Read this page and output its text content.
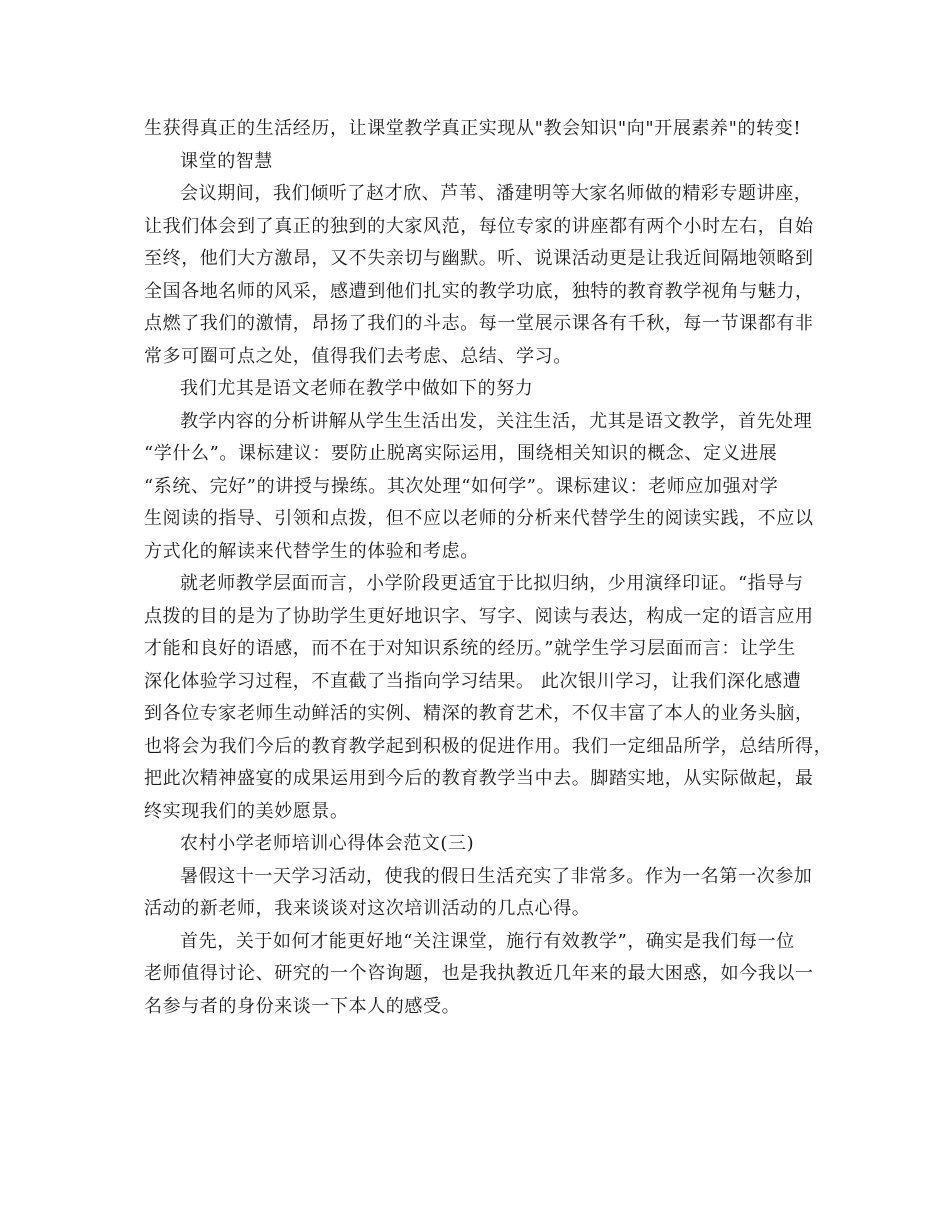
生获得真正的生活经历，让课堂教学真正实现从"教会知识"向"开展素养"的转变!
课堂的智慧
会议期间，我们倾听了赵才欣、芦苇、潘建明等大家名师做的精彩专题讲座，
让我们体会到了真正的独到的大家风范，每位专家的讲座都有两个小时左右，自始
至终，他们大方激昂，又不失亲切与幽默。听、说课活动更是让我近间隔地领略到
全国各地名师的风采，感遭到他们扎实的教学功底，独特的教育教学视角与魅力，
点燃了我们的激情，昂扬了我们的斗志。每一堂展示课各有千秋，每一节课都有非
常多可圈可点之处，值得我们去考虑、总结、学习。
我们尤其是语文老师在教学中做如下的努力
教学内容的分析讲解从学生生活出发，关注生活，尤其是语文教学，首先处理
“学什么”。课标建议：要防止脱离实际运用，围绕相关知识的概念、定义进展
“系统、完好”的讲授与操练。其次处理“如何学”。课标建议：老师应加强对学
生阅读的指导、引领和点拨，但不应以老师的分析来代替学生的阅读实践，不应以
方式化的解读来代替学生的体验和考虑。
就老师教学层面而言，小学阶段更适宜于比拟归纳，少用演绎印证。“指导与
点拨的目的是为了协助学生更好地识字、写字、阅读与表达，构成一定的语言应用
才能和良好的语感，而不在于对知识系统的经历。”就学生学习层面而言：让学生
深化体验学习过程，不直截了当指向学习结果。 此次银川学习，让我们深化感遭
到各位专家老师生动鲜活的实例、精深的教育艺术，不仅丰富了本人的业务头脑，
也将会为我们今后的教育教学起到积极的促进作用。我们一定细品所学，总结所得，
把此次精神盛宴的成果运用到今后的教育教学当中去。脚踏实地，从实际做起，最
终实现我们的美妙愿景。
农村小学老师培训心得体会范文(三)
暑假这十一天学习活动，使我的假日生活充实了非常多。作为一名第一次参加
活动的新老师，我来谈谈对这次培训活动的几点心得。
首先，关于如何才能更好地“关注课堂，施行有效教学”，确实是我们每一位
老师值得讨论、研究的一个咨询题，也是我执教近几年来的最大困惑，如今我以一
名参与者的身份来谈一下本人的感受。
